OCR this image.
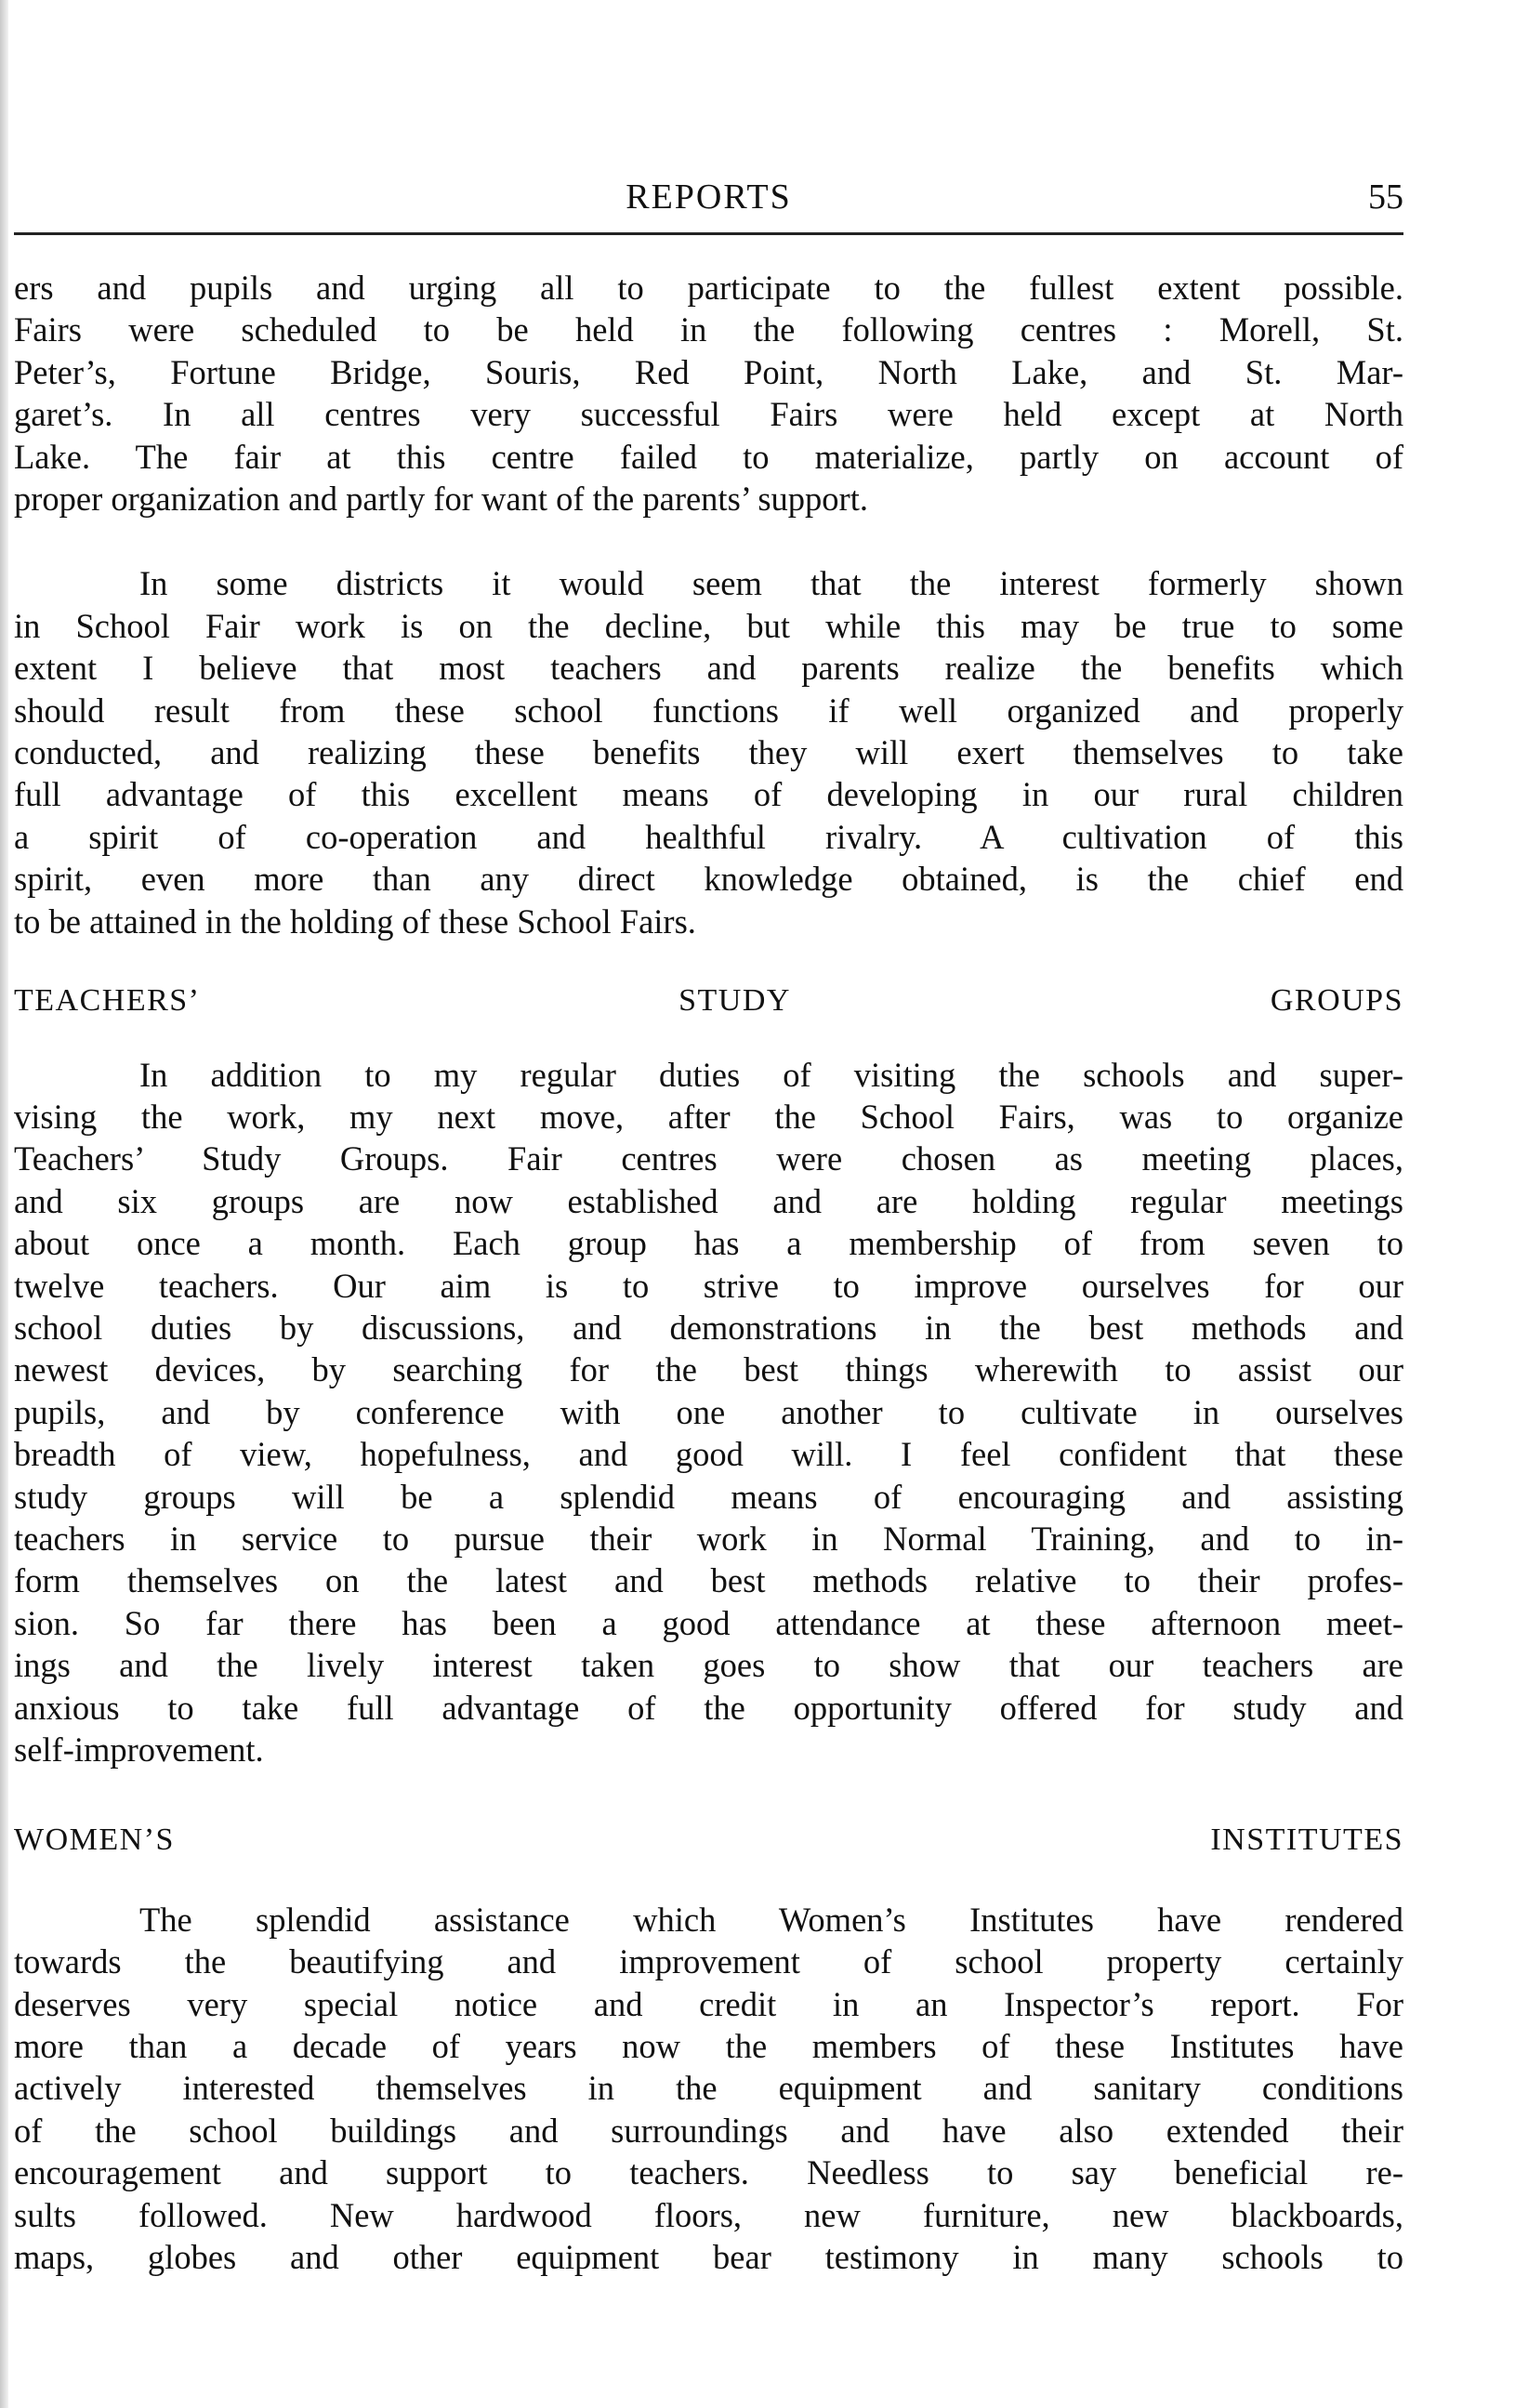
REPORTS	55

ers and pupils and urging all to participate to the fullest extent possible.
Fairs were scheduled to be held in the following centres : Morell, St.
Peter’s, Fortune Bridge, Souris, Red Point, North Lake, and St. Mar-
garet’s. In all centres very successful Fairs were held except at North
Lake. The fair at this centre failed to materialize, partly on account of
proper organization and partly for want of the parents’ support.

In some districts it would seem that the interest formerly shown
in School Fair work is on the decline, but while this may be true to some
extent I believe that most teachers and parents realize the benefits which
should result from these school functions if well organized and properly
conducted, and realizing these benefits they will exert themselves to take
full advantage of this excellent means of developing in our rural children
a spirit of co-operation and healthful rivalry. A cultivation of this
spirit, even more than any direct knowledge obtained, is the chief end
to be attained in the holding of these School Fairs.

TEACHERS’ STUDY GROUPS

In addition to my regular duties of visiting the schools and super-
vising the work, my next move, after the School Fairs, was to organize
Teachers’ Study Groups. Fair centres were chosen as meeting places,
and six groups are now established and are holding regular meetings
about once a month. Each group has a membership of from seven to
twelve teachers. Our aim is to strive to improve ourselves for our
school duties by discussions, and demonstrations in the best methods and
newest devices, by searching for the best things wherewith to assist our
pupils, and by conference with one another to cultivate in ourselves
breadth of view, hopefulness, and good will. I feel confident that these
study groups will be a splendid means of encouraging and assisting
teachers in service to pursue their work in Normal Training, and to in-
form themselves on the latest and best methods relative to their profes-
sion. So far there has been a good attendance at these afternoon meet-
ings and the lively interest taken goes to show that our teachers are
anxious to take full advantage of the opportunity offered for study and
self-improvement.

WOMEN’S INSTITUTES

The splendid assistance which Women’s Institutes have rendered
towards the beautifying and improvement of school property certainly
deserves very special notice and credit in an Inspector’s report. For
more than a decade of years now the members of these Institutes have
actively interested themselves in the equipment and sanitary conditions
of the school buildings and surroundings and have also extended their
encouragement and support to teachers. Needless to say beneficial re-
sults followed. New hardwood floors, new furniture, new blackboards,
maps, globes and other equipment bear testimony in many schools to
